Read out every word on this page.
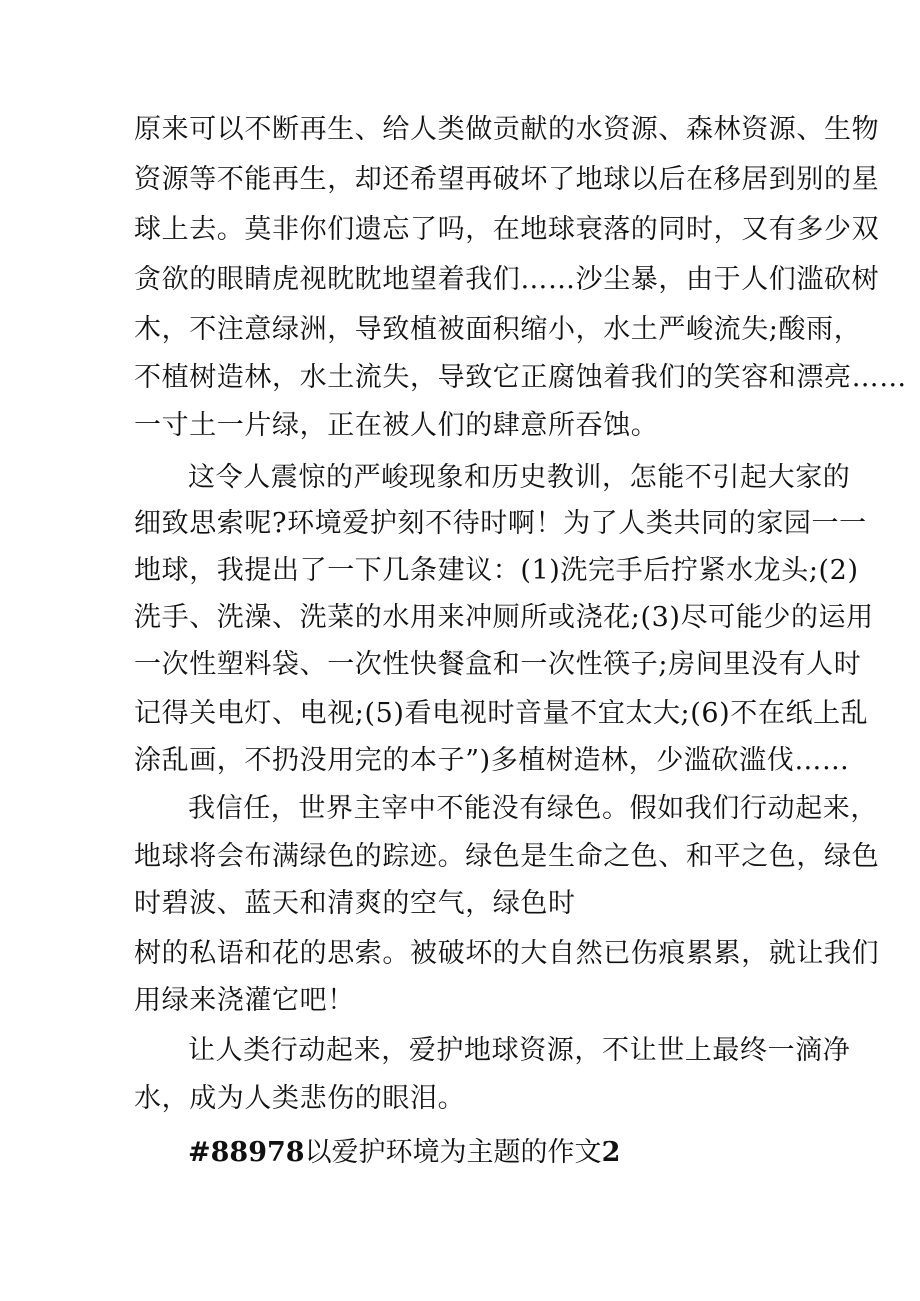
原来可以不断再生、给人类做贡献的水资源、森林资源、生物
资源等不能再生，却还希望再破坏了地球以后在移居到别的星
球上去。莫非你们遗忘了吗，在地球衰落的同时，又有多少双
贪欲的眼睛虎视眈眈地望着我们……沙尘暴，由于人们滥砍树
木，不注意绿洲，导致植被面积缩小，水土严峻流失;酸雨，
不植树造林，水土流失，导致它正腐蚀着我们的笑容和漂亮……
一寸土一片绿，正在被人们的肆意所吞蚀。
这令人震惊的严峻现象和历史教训，怎能不引起大家的
细致思索呢?环境爱护刻不待时啊！为了人类共同的家园一一
地球，我提出了一下几条建议：(1)洗完手后拧紧水龙头;(2)
洗手、洗澡、洗菜的水用来冲厕所或浇花;(3)尽可能少的运用
一次性塑料袋、一次性快餐盒和一次性筷子;房间里没有人时
记得关电灯、电视;(5)看电视时音量不宜太大;(6)不在纸上乱
涂乱画，不扔没用完的本子”)多植树造林，少滥砍滥伐……
我信任，世界主宰中不能没有绿色。假如我们行动起来，
地球将会布满绿色的踪迹。绿色是生命之色、和平之色，绿色
时碧波、蓝天和清爽的空气，绿色时
树的私语和花的思索。被破坏的大自然已伤痕累累，就让我们
用绿来浇灌它吧！
让人类行动起来，爱护地球资源，不让世上最终一滴净
水，成为人类悲伤的眼泪。
#88978以爱护环境为主题的作文2
